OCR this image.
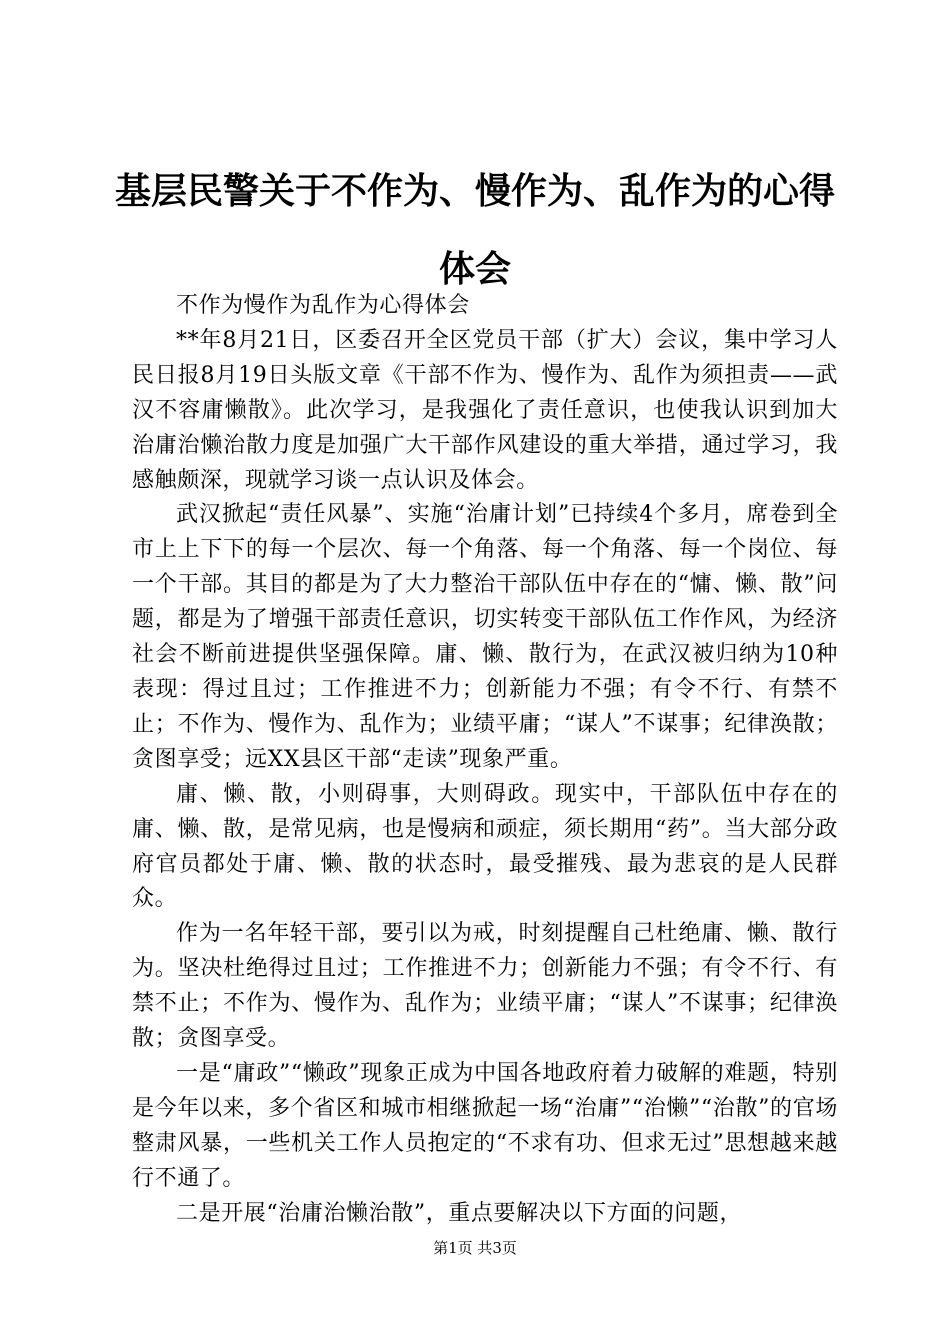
基层民警关于不作为、慢作为、乱作为的心得体会

不作为慢作为乱作为心得体会

**年8月21日，区委召开全区党员干部（扩大）会议，集中学习人民日报8月19日头版文章《干部不作为、慢作为、乱作为须担责——武汉不容庸懒散》。此次学习，是我强化了责任意识，也使我认识到加大治庸治懒治散力度是加强广大干部作风建设的重大举措，通过学习，我感触颇深，现就学习谈一点认识及体会。

武汉掀起“责任风暴”、实施“治庸计划”已持续4个多月，席卷到全市上上下下的每一个层次、每一个角落、每一个角落、每一个岗位、每一个干部。其目的都是为了大力整治干部队伍中存在的“慵、懒、散”问题，都是为了增强干部责任意识，切实转变干部队伍工作作风，为经济社会不断前进提供坚强保障。庸、懒、散行为，在武汉被归纳为10种表现：得过且过；工作推进不力；创新能力不强；有令不行、有禁不止；不作为、慢作为、乱作为；业绩平庸；“谋人”不谋事；纪律涣散；贪图享受；远XX县区干部“走读”现象严重。

庸、懒、散，小则碍事，大则碍政。现实中，干部队伍中存在的庸、懒、散，是常见病，也是慢病和顽症，须长期用“药”。当大部分政府官员都处于庸、懒、散的状态时，最受摧残、最为悲哀的是人民群众。

作为一名年轻干部，要引以为戒，时刻提醒自己杜绝庸、懒、散行为。坚决杜绝得过且过；工作推进不力；创新能力不强；有令不行、有禁不止；不作为、慢作为、乱作为；业绩平庸；“谋人”不谋事；纪律涣散；贪图享受。

一是“庸政”“懒政”现象正成为中国各地政府着力破解的难题，特别是今年以来，多个省区和城市相继掀起一场“治庸”“治懒”“治散”的官场整肃风暴，一些机关工作人员抱定的“不求有功、但求无过”思想越来越行不通了。

二是开展“治庸治懒治散”，重点要解决以下方面的问题，

第1页 共3页
